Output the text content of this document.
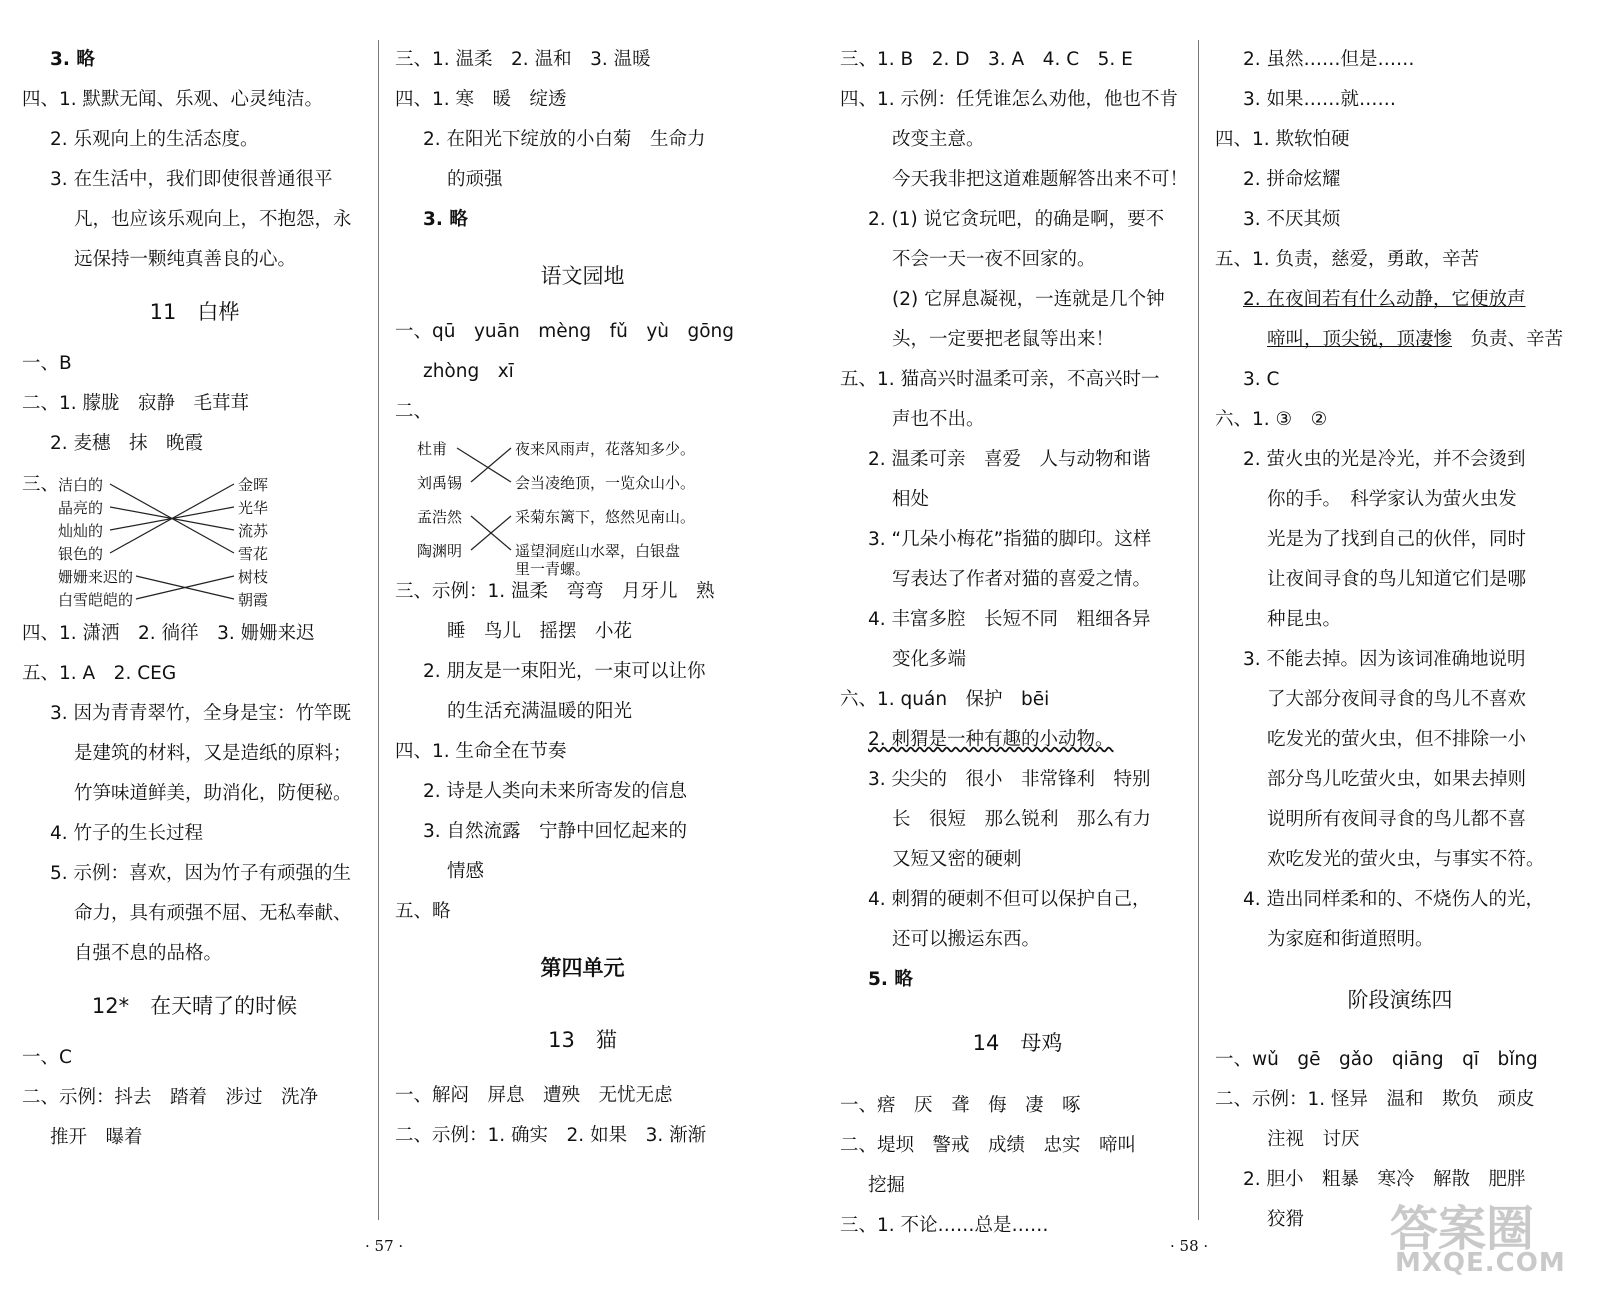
3. 略
四、1. 默默无闻、乐观、心灵纯洁。
2. 乐观向上的生活态度。
3. 在生活中，我们即使很普通很平
凡，也应该乐观向上，不抱怨，永
远保持一颗纯真善良的心。
11　白桦
一、B
二、1. 朦胧　寂静　毛茸茸
2. 麦穗　抹　晚霞
三、
洁白的
晶亮的
灿灿的
银色的
姗姗来迟的
白雪皑皑的
金晖
光华
流苏
雪花
树枝
朝霞
四、1. 潇洒　2. 徜徉　3. 姗姗来迟
五、1. A　2. CEG
3. 因为青青翠竹，全身是宝：竹竿既
是建筑的材料，又是造纸的原料；
竹笋味道鲜美，助消化，防便秘。
4. 竹子的生长过程
5. 示例：喜欢，因为竹子有顽强的生
命力，具有顽强不屈、无私奉献、
自强不息的品格。
12*　在天晴了的时候
一、C
二、示例：抖去　踏着　涉过　洗净
推开　曝着
三、1. 温柔　2. 温和　3. 温暖
四、1. 寒　暖　绽透
2. 在阳光下绽放的小白菊　生命力
的顽强
3. 略
语文园地
一、qū　yuān　mèng　fǔ　yù　gōng
zhòng　xī
二、
杜甫
刘禹锡
孟浩然
陶渊明
夜来风雨声，花落知多少。
会当凌绝顶，一览众山小。
采菊东篱下，悠然见南山。
遥望洞庭山水翠，白银盘
里一青螺。
三、示例：1. 温柔　弯弯　月牙儿　熟
睡　鸟儿　摇摆　小花
2. 朋友是一束阳光，一束可以让你
的生活充满温暖的阳光
四、1. 生命全在节奏
2. 诗是人类向未来所寄发的信息
3. 自然流露　宁静中回忆起来的
情感
五、略
第四单元
13　猫
一、解闷　屏息　遭殃　无忧无虑
二、示例：1. 确实　2. 如果　3. 渐渐
三、1. B　2. D　3. A　4. C　5. E
四、1. 示例：任凭谁怎么劝他，他也不肯
改变主意。
今天我非把这道难题解答出来不可！
2. (1) 说它贪玩吧，的确是啊，要不
不会一天一夜不回家的。
(2) 它屏息凝视，一连就是几个钟
头，一定要把老鼠等出来！
五、1. 猫高兴时温柔可亲，不高兴时一
声也不出。
2. 温柔可亲　喜爱　人与动物和谐
相处
3. “几朵小梅花”指猫的脚印。这样
写表达了作者对猫的喜爱之情。
4. 丰富多腔　长短不同　粗细各异
变化多端
六、1. quán　保护　bēi
2. 刺猬是一种有趣的小动物。
3. 尖尖的　很小　非常锋利　特别
长　很短　那么锐利　那么有力
又短又密的硬刺
4. 刺猬的硬刺不但可以保护自己，
还可以搬运东西。
5. 略
14　母鸡
一、瘩　厌　聋　侮　凄　啄
二、堤坝　警戒　成绩　忠实　啼叫
挖掘
三、1. 不论……总是……
2. 虽然……但是……
3. 如果……就……
四、1. 欺软怕硬
2. 拼命炫耀
3. 不厌其烦
五、1. 负责，慈爱，勇敢，辛苦
2. 在夜间若有什么动静，它便放声
啼叫，顶尖锐，顶凄惨　负责、辛苦
3. C
六、1. ③　②
2. 萤火虫的光是冷光，并不会烫到
你的手。　科学家认为萤火虫发
光是为了找到自己的伙伴，同时
让夜间寻食的鸟儿知道它们是哪
种昆虫。
3. 不能去掉。因为该词准确地说明
了大部分夜间寻食的鸟儿不喜欢
吃发光的萤火虫，但不排除一小
部分鸟儿吃萤火虫，如果去掉则
说明所有夜间寻食的鸟儿都不喜
欢吃发光的萤火虫，与事实不符。
4. 造出同样柔和的、不烧伤人的光，
为家庭和街道照明。
阶段演练四
一、wǔ　gē　gǎo　qiāng　qī　bǐng
二、示例：1. 怪异　温和　欺负　顽皮
注视　讨厌
2. 胆小　粗暴　寒冷　解散　肥胖
狡猾
· 57 ·	· 58 ·	答案圈
MXQE.COM
